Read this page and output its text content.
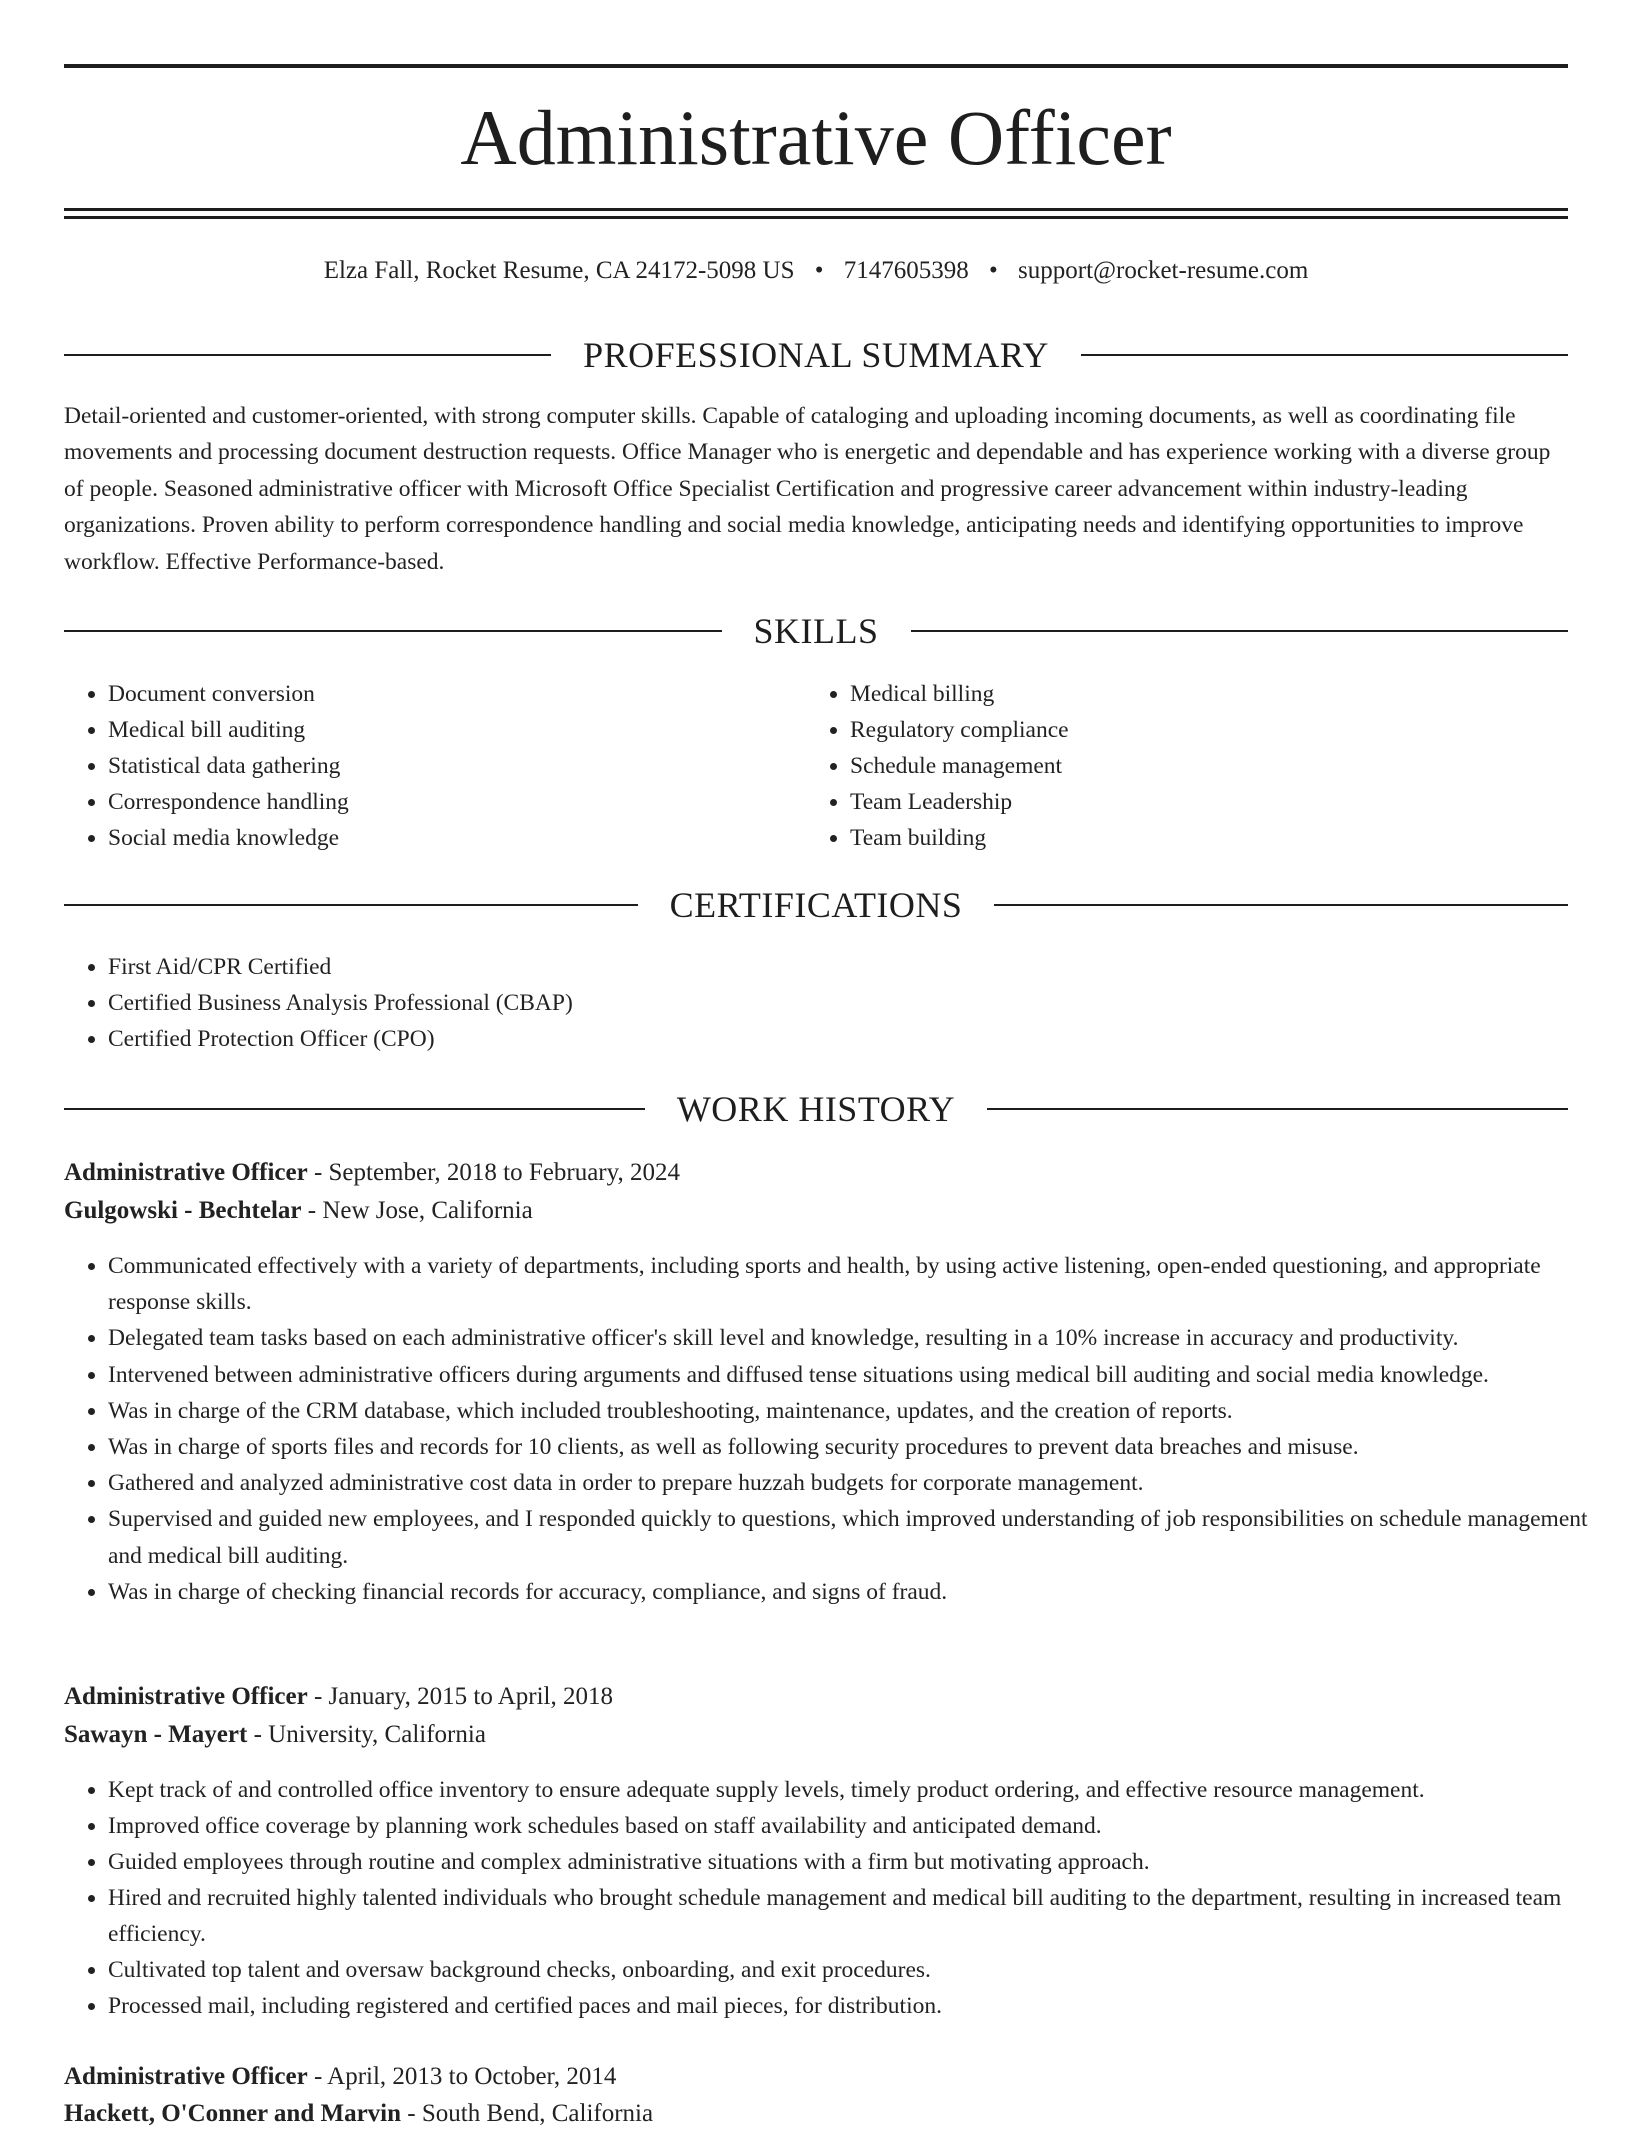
Administrative Officer
Elza Fall, Rocket Resume, CA 24172-5098 US • 7147605398 • support@rocket-resume.com
PROFESSIONAL SUMMARY

Detail-oriented and customer-oriented, with strong computer skills. Capable of cataloging and uploading incoming documents, as well as coordinating file movements and processing document destruction requests. Office Manager who is energetic and dependable and has experience working with a diverse group of people. Seasoned administrative officer with Microsoft Office Specialist Certification and progressive career advancement within industry-leading organizations. Proven ability to perform correspondence handling and social media knowledge, anticipating needs and identifying opportunities to improve workflow. Effective Performance-based.

SKILLS
• Document conversion
• Medical bill auditing
• Statistical data gathering
• Correspondence handling
• Social media knowledge
• Medical billing
• Regulatory compliance
• Schedule management
• Team Leadership
• Team building
CERTIFICATIONS
• First Aid/CPR Certified
• Certified Business Analysis Professional (CBAP)
• Certified Protection Officer (CPO)
WORK HISTORY
Administrative Officer - September, 2018 to February, 2024
Gulgowski - Bechtelar - New Jose, California
• Communicated effectively with a variety of departments, including sports and health, by using active listening, open-ended questioning, and appropriate response skills.
• Delegated team tasks based on each administrative officer's skill level and knowledge, resulting in a 10% increase in accuracy and productivity.
• Intervened between administrative officers during arguments and diffused tense situations using medical bill auditing and social media knowledge.
• Was in charge of the CRM database, which included troubleshooting, maintenance, updates, and the creation of reports.
• Was in charge of sports files and records for 10 clients, as well as following security procedures to prevent data breaches and misuse.
• Gathered and analyzed administrative cost data in order to prepare huzzah budgets for corporate management.
• Supervised and guided new employees, and I responded quickly to questions, which improved understanding of job responsibilities on schedule management and medical bill auditing.
• Was in charge of checking financial records for accuracy, compliance, and signs of fraud.
Administrative Officer - January, 2015 to April, 2018
Sawayn - Mayert - University, California
• Kept track of and controlled office inventory to ensure adequate supply levels, timely product ordering, and effective resource management.
• Improved office coverage by planning work schedules based on staff availability and anticipated demand.
• Guided employees through routine and complex administrative situations with a firm but motivating approach.
• Hired and recruited highly talented individuals who brought schedule management and medical bill auditing to the department, resulting in increased team efficiency.
• Cultivated top talent and oversaw background checks, onboarding, and exit procedures.
• Processed mail, including registered and certified paces and mail pieces, for distribution.
Administrative Officer - April, 2013 to October, 2014
Hackett, O'Conner and Marvin - South Bend, California
